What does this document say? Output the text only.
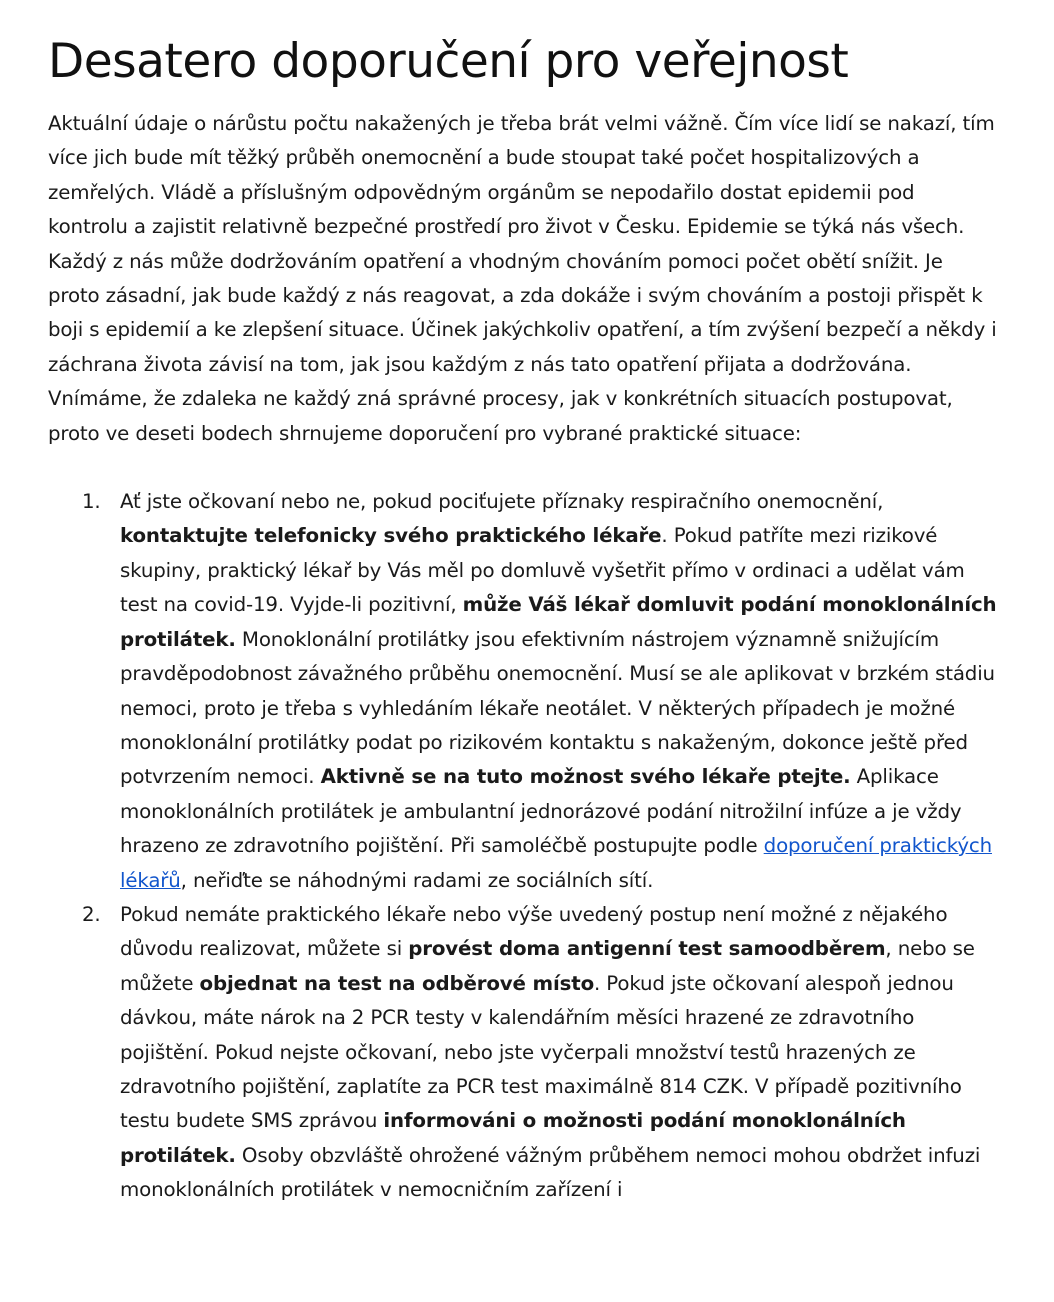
Desatero doporučení pro veřejnost

Aktuální údaje o nárůstu počtu nakažených je třeba brát velmi vážně. Čím více lidí se nakazí, tím více jich bude mít těžký průběh onemocnění a bude stoupat také počet hospitalizových a zemřelých. Vládě a příslušným odpovědným orgánům se nepodařilo dostat epidemii pod kontrolu a zajistit relativně bezpečné prostředí pro život v Česku. Epidemie se týká nás všech. Každý z nás může dodržováním opatření a vhodným chováním pomoci počet obětí snížit. Je proto zásadní, jak bude každý z nás reagovat, a zda dokáže i svým chováním a postoji přispět k boji s epidemií a ke zlepšení situace. Účinek jakýchkoliv opatření, a tím zvýšení bezpečí a někdy i záchrana života závisí na tom, jak jsou každým z nás tato opatření přijata a dodržována. Vnímáme, že zdaleka ne každý zná správné procesy, jak v konkrétních situacích postupovat, proto ve deseti bodech shrnujeme doporučení pro vybrané praktické situace:

1. Ať jste očkovaní nebo ne, pokud pociťujete příznaky respiračního onemocnění, kontaktujte telefonicky svého praktického lékaře. Pokud patříte mezi rizikové skupiny, praktický lékař by Vás měl po domluvě vyšetřit přímo v ordinaci a udělat vám test na covid-19. Vyjde-li pozitivní, může Váš lékař domluvit podání monoklonálních protilátek. Monoklonální protilátky jsou efektivním nástrojem významně snižujícím pravděpodobnost závažného průběhu onemocnění. Musí se ale aplikovat v brzkém stádiu nemoci, proto je třeba s vyhledáním lékaře neotálet. V některých případech je možné monoklonální protilátky podat po rizikovém kontaktu s nakaženým, dokonce ještě před potvrzením nemoci. Aktivně se na tuto možnost svého lékaře ptejte. Aplikace monoklonálních protilátek je ambulantní jednorázové podání nitrožilní infúze a je vždy hrazeno ze zdravotního pojištění. Při samoléčbě postupujte podle doporučení praktických lékařů, neřiďte se náhodnými radami ze sociálních sítí.
2. Pokud nemáte praktického lékaře nebo výše uvedený postup není možné z nějakého důvodu realizovat, můžete si provést doma antigenní test samoodběrem, nebo se můžete objednat na test na odběrové místo. Pokud jste očkovaní alespoň jednou dávkou, máte nárok na 2 PCR testy v kalendářním měsíci hrazené ze zdravotního pojištění. Pokud nejste očkovaní, nebo jste vyčerpali množství testů hrazených ze zdravotního pojištění, zaplatíte za PCR test maximálně 814 CZK. V případě pozitivního testu budete SMS zprávou informováni o možnosti podání monoklonálních protilátek. Osoby obzvláště ohrožené vážným průběhem nemoci mohou obdržet infuzi monoklonálních protilátek v nemocničním zařízení i
